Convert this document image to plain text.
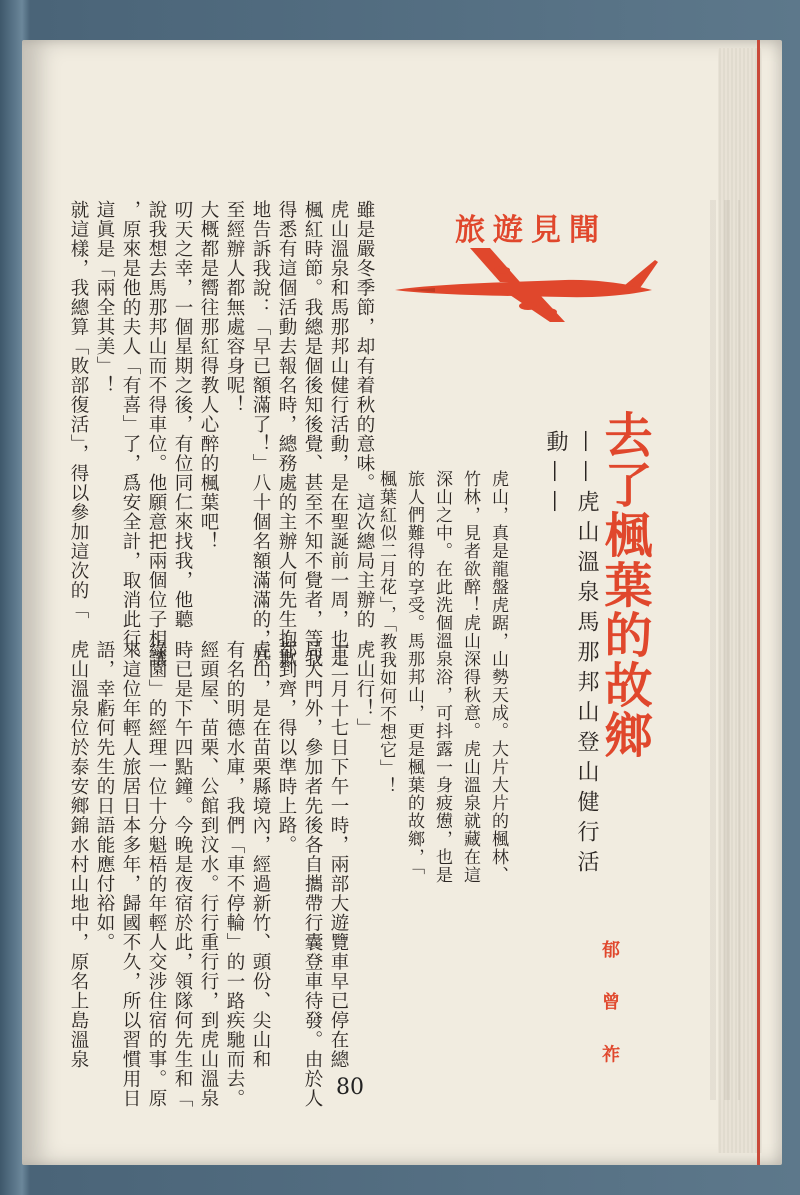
旅遊見聞
去了楓葉的故鄉
——虎山溫泉馬那邦山登山健行活動——
虎山，真是龍盤虎踞，山勢天成。大片大片的楓林、
竹林，見者欲醉！虎山深得秋意。虎山溫泉就藏在這
深山之中。在此洗個溫泉浴，可抖露一身疲憊，也是
旅人們難得的享受。馬那邦山，更是楓葉的故鄉，「
楓葉紅似二月花」，「教我如何不想它」！
郁 曾 祚
雖是嚴冬季節，却有着秋的意味。這次總局主辦的
虎山溫泉和馬那邦山健行活動，是在聖誕前一周，也是
楓紅時節。我總是個後知後覺、甚至不知不覺者，等我
得悉有這個活動去報名時，總務處的主辦人何先生抱歉
地告訴我說：「早已額滿了！」八十個名額滿滿的，甚
至經辦人都無處容身呢！
大概都是嚮往那紅得教人心醉的楓葉吧！
叨天之幸，一個星期之後，有位同仁來找我，他聽
說我想去馬那邦山而不得車位。他願意把兩個位子相讓
，原來是他的夫人「有喜」了，爲安全計，取消此行。
這眞是「兩全其美」！
就這樣，我總算「敗部復活」，得以參加這次的「
虎山行！」
十二月十七日下午一時，兩部大遊覽車早已停在總
局大門外，參加者先後各自攜帶行囊登車待發。由於人
都到齊，得以準時上路。
虎山，是在苗栗縣境內，經過新竹、頭份、尖山和
有名的明德水庫，我們「車不停輪」的一路疾馳而去。
經頭屋、苗栗、公館到汶水。行行重行行，到虎山溫泉
時已是下午四點鐘。今晚是夜宿於此，領隊何先生和「
綠園」的經理一位十分魁梧的年輕人交涉住宿的事。原
來這位年輕人旅居日本多年，歸國不久，所以習慣用日
語，幸虧何先生的日語能應付裕如。
虎山溫泉位於泰安鄉錦水村山地中，原名上島溫泉
80
